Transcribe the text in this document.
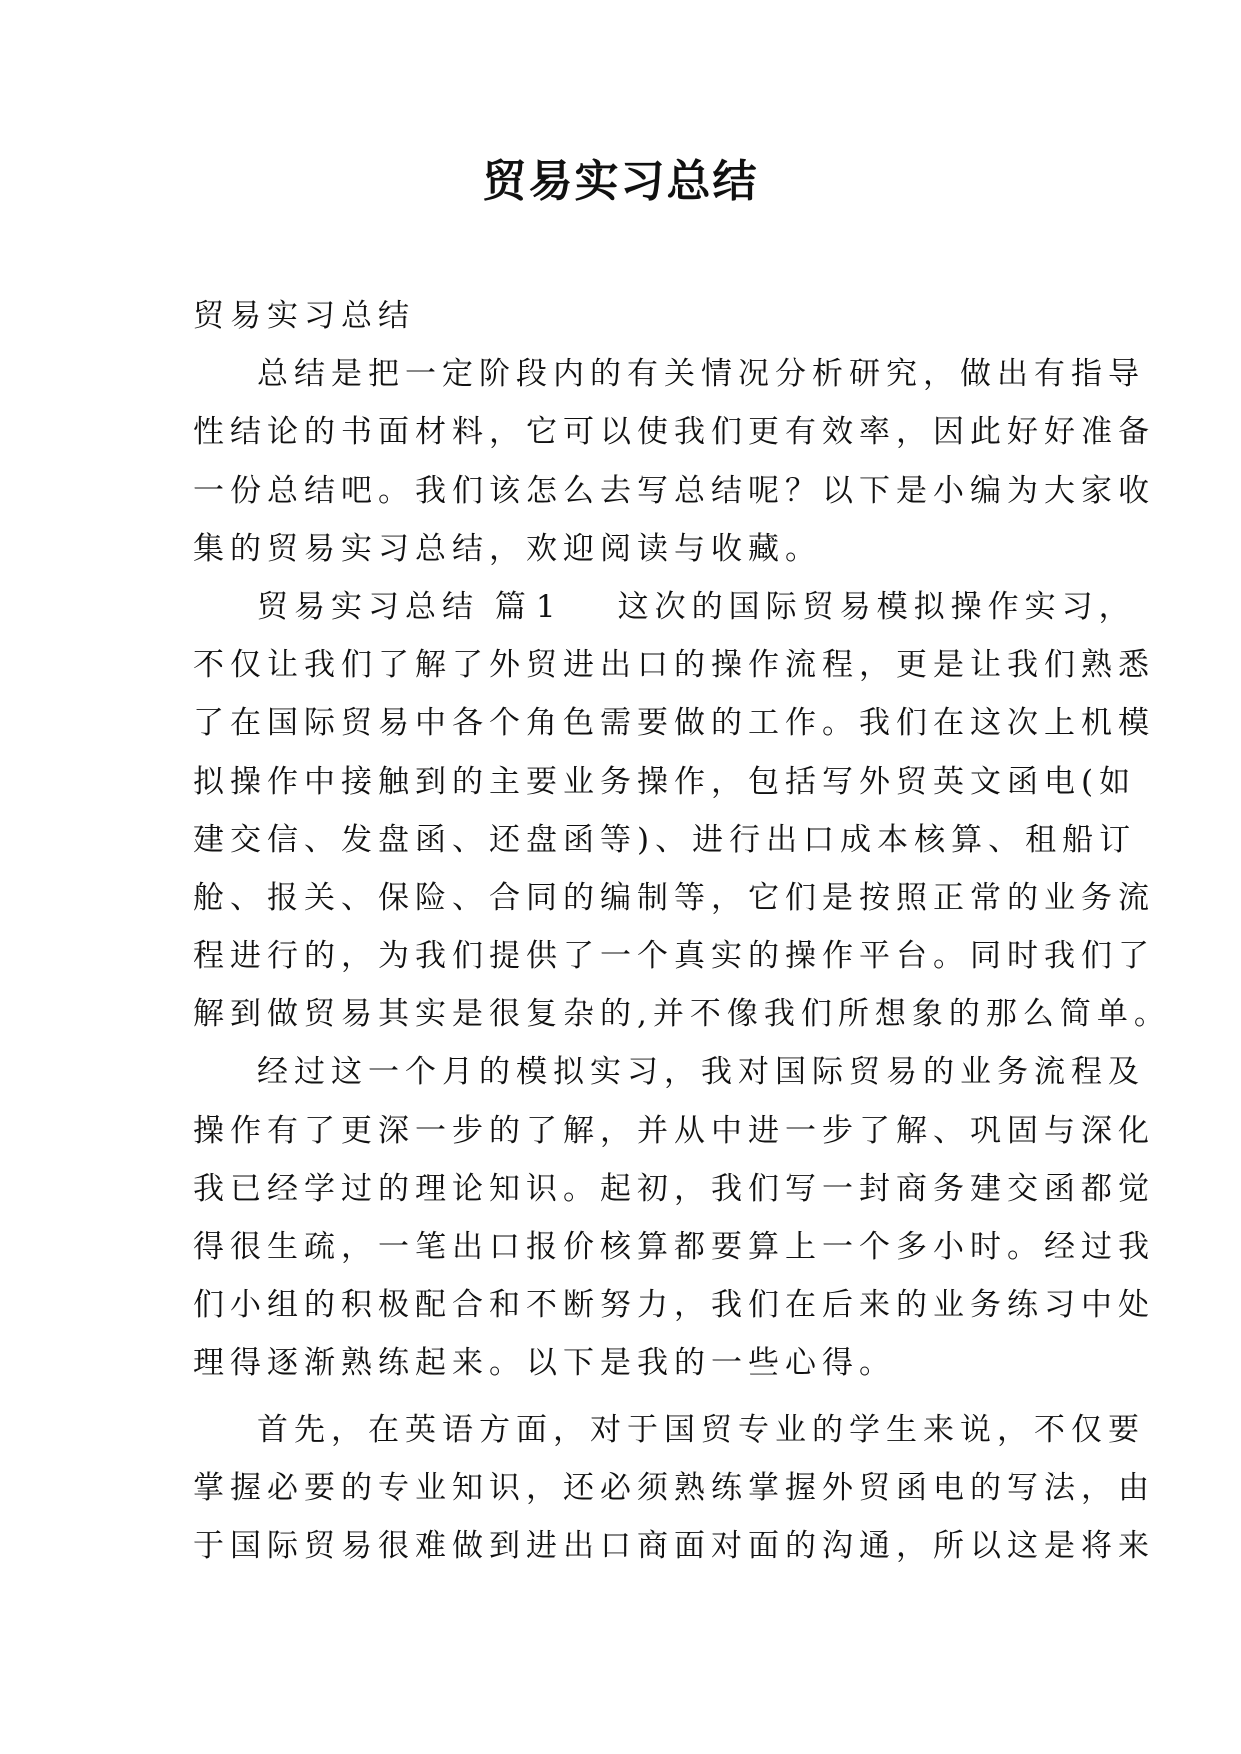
贸易实习总结

贸易实习总结

总结是把一定阶段内的有关情况分析研究，做出有指导

性结论的书面材料，它可以使我们更有效率，因此好好准备

一份总结吧。我们该怎么去写总结呢？以下是小编为大家收

集的贸易实习总结，欢迎阅读与收藏。

贸易实习总结 篇 1 这次的国际贸易模拟操作实习，

不仅让我们了解了外贸进出口的操作流程，更是让我们熟悉

了在国际贸易中各个角色需要做的工作。我们在这次上机模

拟操作中接触到的主要业务操作，包括写外贸英文函电(如

建交信、发盘函、还盘函等)、进行出口成本核算、租船订

舱、报关、保险、合同的编制等，它们是按照正常的业务流

程进行的，为我们提供了一个真实的操作平台。同时我们了

解到做贸易其实是很复杂的,并不像我们所想象的那么简单。

经过这一个月的模拟实习，我对国际贸易的业务流程及

操作有了更深一步的了解，并从中进一步了解、巩固与深化

我已经学过的理论知识。起初，我们写一封商务建交函都觉

得很生疏，一笔出口报价核算都要算上一个多小时。经过我

们小组的积极配合和不断努力，我们在后来的业务练习中处

理得逐渐熟练起来。以下是我的一些心得。

首先，在英语方面，对于国贸专业的学生来说，不仅要

掌握必要的专业知识，还必须熟练掌握外贸函电的写法，由

于国际贸易很难做到进出口商面对面的沟通，所以这是将来
